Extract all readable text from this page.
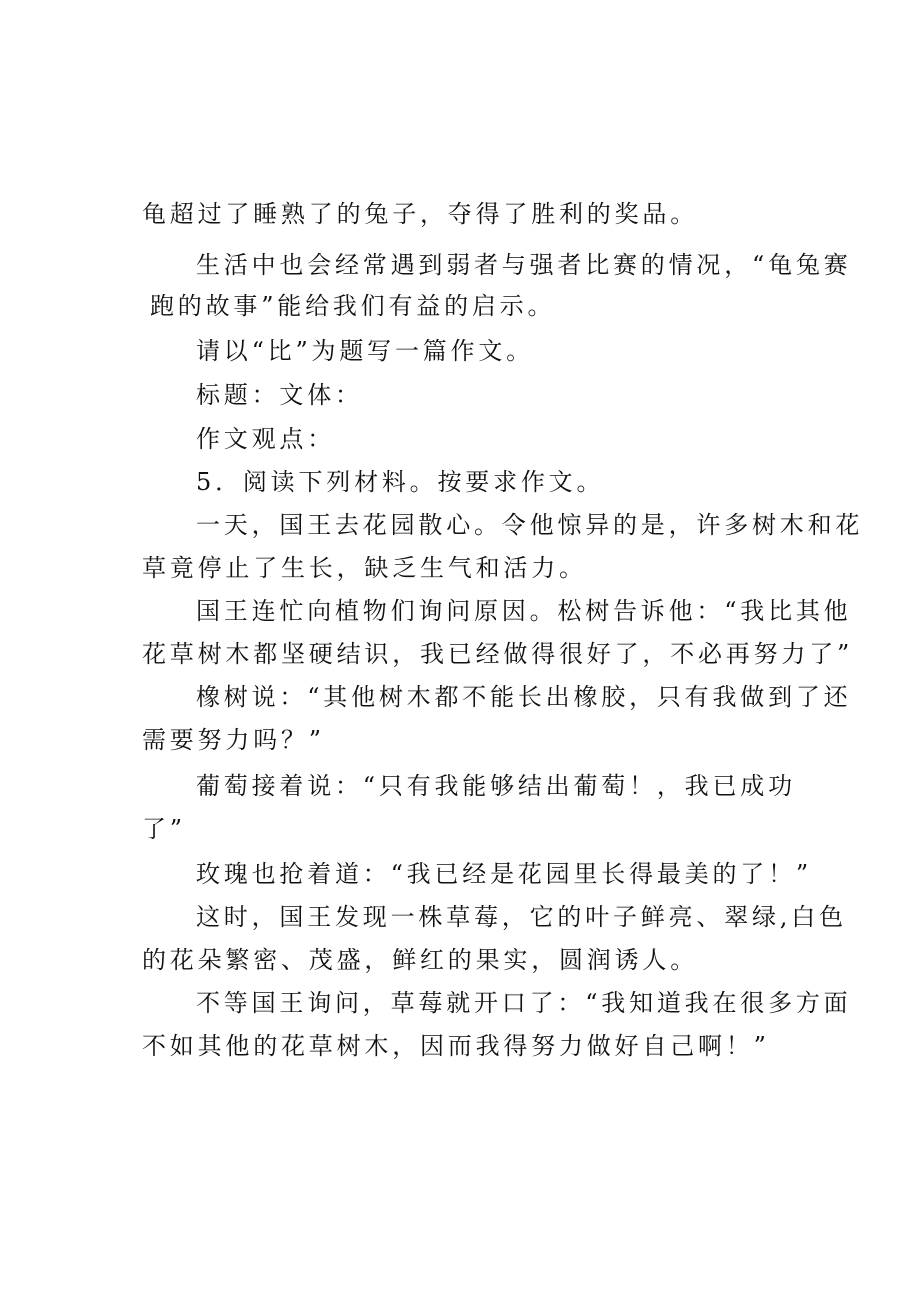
龟超过了睡熟了的兔子，夺得了胜利的奖品。
生活中也会经常遇到弱者与强者比赛的情况，“龟兔赛
跑的故事”能给我们有益的启示。
请以“比”为题写一篇作文。
标题：文体：
作文观点：
5．阅读下列材料。按要求作文。
一天，国王去花园散心。令他惊异的是，许多树木和花
草竟停止了生长，缺乏生气和活力。
国王连忙向植物们询问原因。松树告诉他：“我比其他
花草树木都坚硬结识，我已经做得很好了，不必再努力了”
橡树说：“其他树木都不能长出橡胶，只有我做到了还
需要努力吗？”
葡萄接着说：“只有我能够结出葡萄！，我已成功
了”
玫瑰也抢着道：“我已经是花园里长得最美的了！”
这时，国王发现一株草莓，它的叶子鲜亮、翠绿,白色
的花朵繁密、茂盛，鲜红的果实，圆润诱人。
不等国王询问，草莓就开口了：“我知道我在很多方面
不如其他的花草树木，因而我得努力做好自己啊！”
